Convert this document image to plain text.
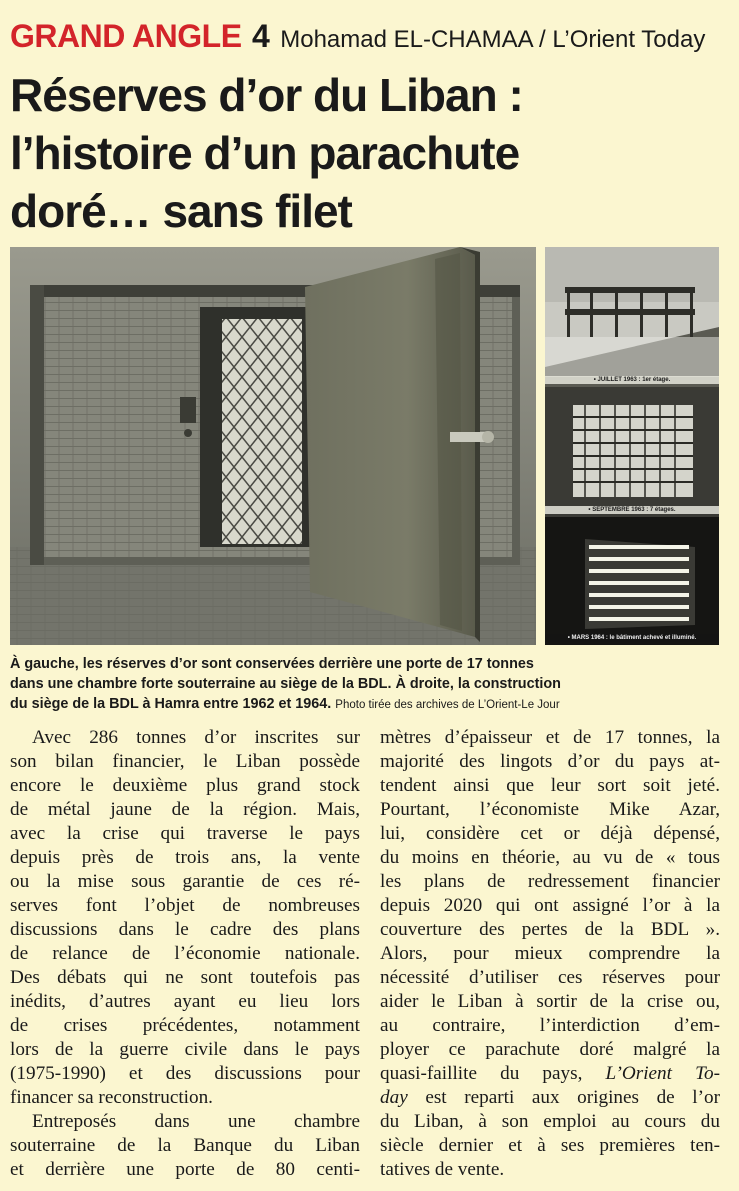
GRAND ANGLE 4 Mohamad EL-CHAMAA / L’Orient Today
Réserves d’or du Liban :
l’histoire d’un parachute
doré… sans filet
• JUILLET 1963 : 1er étage.
• SEPTEMBRE 1963 : 7 étages.
• MARS 1964 : le bâtiment achevé et illuminé.
À gauche, les réserves d’or sont conservées derrière une porte de 17 tonnes
dans une chambre forte souterraine au siège de la BDL. À droite, la construction
du siège de la BDL à Hamra entre 1962 et 1964. Photo tirée des archives de L’Orient-Le Jour
Avec 286 tonnes d’or inscrites sur
son bilan financier, le Liban possède
encore le deuxième plus grand stock
de métal jaune de la région. Mais,
avec la crise qui traverse le pays
depuis près de trois ans, la vente
ou la mise sous garantie de ces ré-
serves font l’objet de nombreuses
discussions dans le cadre des plans
de relance de l’économie nationale.
Des débats qui ne sont toutefois pas
inédits, d’autres ayant eu lieu lors
de crises précédentes, notamment
lors de la guerre civile dans le pays
(1975-1990) et des discussions pour
financer sa reconstruction.
Entreposés dans une chambre
souterraine de la Banque du Liban
et derrière une porte de 80 centi-
mètres d’épaisseur et de 17 tonnes, la
majorité des lingots d’or du pays at-
tendent ainsi que leur sort soit jeté.
Pourtant, l’économiste Mike Azar,
lui, considère cet or déjà dépensé,
du moins en théorie, au vu de « tous
les plans de redressement financier
depuis 2020 qui ont assigné l’or à la
couverture des pertes de la BDL ».
Alors, pour mieux comprendre la
nécessité d’utiliser ces réserves pour
aider le Liban à sortir de la crise ou,
au contraire, l’interdiction d’em-
ployer ce parachute doré malgré la
quasi-faillite du pays, L’Orient To-
day est reparti aux origines de l’or
du Liban, à son emploi au cours du
siècle dernier et à ses premières ten-
tatives de vente.
